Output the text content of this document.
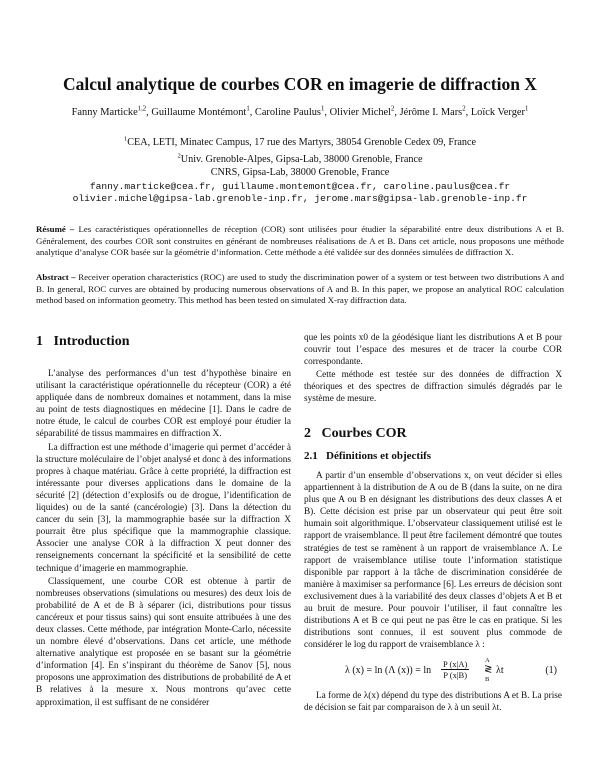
Calcul analytique de courbes COR en imagerie de diffraction X
Fanny Marticke$^{1,2}$, Guillaume Montémont$^1$, Caroline Paulus$^1$, Olivier Michel$^2$, Jérôme I. Mars$^2$, Loïck Verger$^1$
$^1$CEA, LETI, Minatec Campus, 17 rue des Martyrs, 38054 Grenoble Cedex 09, France
$^2$Univ. Grenoble-Alpes, Gipsa-Lab, 38000 Grenoble, France
CNRS, Gipsa-Lab, 38000 Grenoble, France
fanny.marticke@cea.fr, guillaume.montemont@cea.fr, caroline.paulus@cea.fr
olivier.michel@gipsa-lab.grenoble-inp.fr, jerome.mars@gipsa-lab.grenoble-inp.fr
Résumé – Les caractéristiques opérationnelles de réception (COR) sont utilisées pour étudier la séparabilité entre deux distributions A et B. Généralement, des courbes COR sont construites en générant de nombreuses réalisations de A et B. Dans cet article, nous proposons une méthode analytique d’analyse COR basée sur la géométrie d’information. Cette méthode a été validée sur des données simulées de diffraction X.
Abstract – Receiver operation characteristics (ROC) are used to study the discrimination power of a system or test between two distributions A and B. In general, ROC curves are obtained by producing numerous observations of A and B. In this paper, we propose an analytical ROC calculation method based on information geometry. This method has been tested on simulated X-ray diffraction data.
1 Introduction

L’analyse des performances d’un test d’hypothèse binaire en utilisant la caractéristique opérationnelle du récepteur (COR) a été appliquée dans de nombreux domaines et notamment, dans la mise au point de tests diagnostiques en médecine [1]. Dans le cadre de notre étude, le calcul de courbes COR est employé pour étudier la séparabilité de tissus mammaires en diffraction X.

La diffraction est une méthode d’imagerie qui permet d’accéder à la structure moléculaire de l’objet analysé et donc à des informations propres à chaque matériau. Grâce à cette propriété, la diffraction est intéressante pour diverses applications dans le domaine de la sécurité [2] (détection d’explosifs ou de drogue, l’identification de liquides) ou de la santé (cancérologie) [3]. Dans la détection du cancer du sein [3], la mammographie basée sur la diffraction X pourrait être plus spécifique que la mammographie classique. Associer une analyse COR à la diffraction X peut donner des renseignements concernant la spécificité et la sensibilité de cette technique d’imagerie en mammographie.

Classiquement, une courbe COR est obtenue à partir de nombreuses observations (simulations ou mesures) des deux lois de probabilité de A et de B à séparer (ici, distributions pour tissus cancéreux et pour tissus sains) qui sont ensuite attribuées à une des deux classes. Cette méthode, par intégration Monte-Carlo, nécessite un nombre élevé d’observations. Dans cet article, une méthode alternative analytique est proposée en se basant sur la géométrie d’information [4]. En s’inspirant du théorème de Sanov [5], nous proposons une approximation des distributions de probabilité de A et B relatives à la mesure x. Nous montrons qu’avec cette approximation, il est suffisant de ne considérer

que les points x0 de la géodésique liant les distributions A et B pour couvrir tout l’espace des mesures et de tracer la courbe COR correspondante.

Cette méthode est testée sur des données de diffraction X théoriques et des spectres de diffraction simulés dégradés par le système de mesure.

2 Courbes COR
2.1 Définitions et objectifs

A partir d’un ensemble d’observations x, on veut décider si elles appartiennent à la distribution de A ou de B (dans la suite, on ne dira plus que A ou B en désignant les distributions des deux classes A et B). Cette décision est prise par un observateur qui peut être soit humain soit algorithmique. L’observateur classiquement utilisé est le rapport de vraisemblance. Il peut être facilement démontré que toutes stratégies de test se ramènent à un rapport de vraisemblance Λ. Le rapport de vraisemblance utilise toute l’information statistique disponible par rapport à la tâche de discrimination considérée de manière à maximiser sa performance [6]. Les erreurs de décision sont exclusivement dues à la variabilité des deux classes d’objets A et B et au bruit de mesure. Pour pouvoir l’utiliser, il faut connaître les distributions A et B ce qui peut ne pas être le cas en pratique. Si les distributions sont connues, il est souvent plus commode de considérer le log du rapport de vraisemblance λ :

λ (x) = ln (Λ $(x)) = \ln \frac{P (x|A)}{P (x|B)}$ A
≷
B
λt	(1)

La forme de λ(x) dépend du type des distributions A et B. La prise de décision se fait par comparaison de λ à un seuil λt.
